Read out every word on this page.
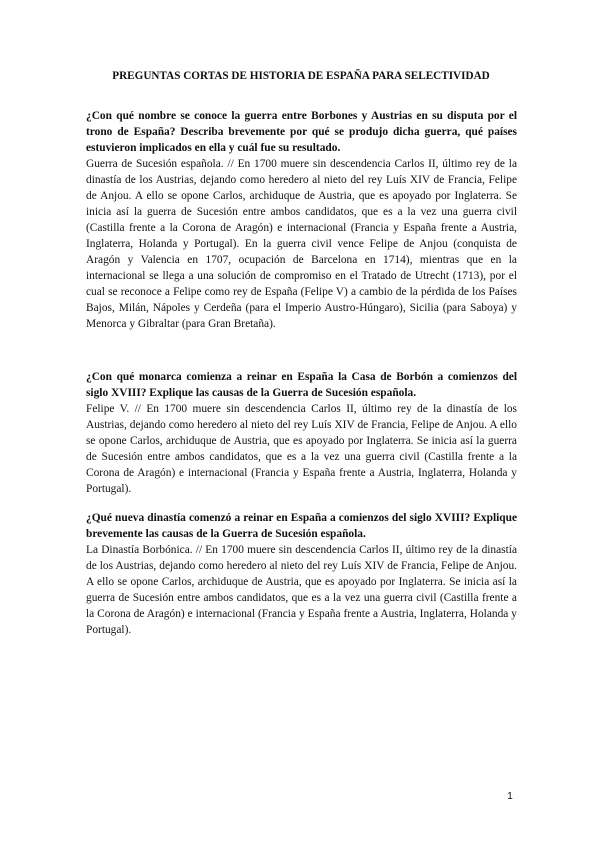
PREGUNTAS CORTAS DE HISTORIA DE ESPAÑA PARA SELECTIVIDAD

¿Con qué nombre se conoce la guerra entre Borbones y Austrias en su disputa por el trono de España? Describa brevemente por qué se produjo dicha guerra, qué países estuvieron implicados en ella y cuál fue su resultado.

Guerra de Sucesión española. // En 1700 muere sin descendencia Carlos II, último rey de la dinastía de los Austrias, dejando como heredero al nieto del rey Luís XIV de Francia, Felipe de Anjou. A ello se opone Carlos, archiduque de Austria, que es apoyado por Inglaterra. Se inicia así la guerra de Sucesión entre ambos candidatos, que es a la vez una guerra civil (Castilla frente a la Corona de Aragón) e internacional (Francia y España frente a Austria, Inglaterra, Holanda y Portugal). En la guerra civil vence Felipe de Anjou (conquista de Aragón y Valencia en 1707, ocupación de Barcelona en 1714), mientras que en la internacional se llega a una solución de compromiso en el Tratado de Utrecht (1713), por el cual se reconoce a Felipe como rey de España (Felipe V) a cambio de la pérdida de los Países Bajos, Milán, Nápoles y Cerdeña (para el Imperio Austro-Húngaro), Sicilia (para Saboya) y Menorca y Gibraltar (para Gran Bretaña).

¿Con qué monarca comienza a reinar en España la Casa de Borbón a comienzos del siglo XVIII? Explique las causas de la Guerra de Sucesión española.

Felipe V. // En 1700 muere sin descendencia Carlos II, último rey de la dinastía de los Austrias, dejando como heredero al nieto del rey Luís XIV de Francia, Felipe de Anjou. A ello se opone Carlos, archiduque de Austria, que es apoyado por Inglaterra. Se inicia así la guerra de Sucesión entre ambos candidatos, que es a la vez una guerra civil (Castilla frente a la Corona de Aragón) e internacional (Francia y España frente a Austria, Inglaterra, Holanda y Portugal).

¿Qué nueva dinastía comenzó a reinar en España a comienzos del siglo XVIII? Explique brevemente las causas de la Guerra de Sucesión española.

La Dinastía Borbónica. // En 1700 muere sin descendencia Carlos II, último rey de la dinastía de los Austrias, dejando como heredero al nieto del rey Luís XIV de Francia, Felipe de Anjou. A ello se opone Carlos, archiduque de Austria, que es apoyado por Inglaterra. Se inicia así la guerra de Sucesión entre ambos candidatos, que es a la vez una guerra civil (Castilla frente a la Corona de Aragón) e internacional (Francia y España frente a Austria, Inglaterra, Holanda y Portugal).

1
